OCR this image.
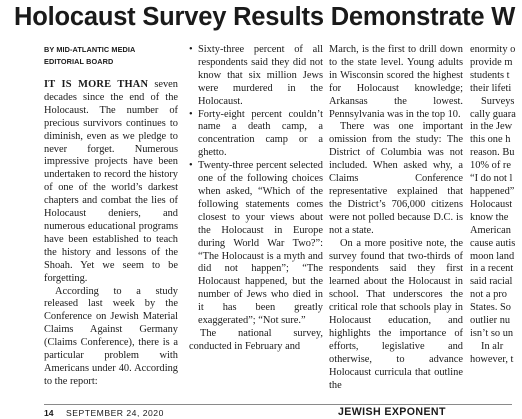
Holocaust Survey Results Demonstrate W
BY MID-ATLANTIC MEDIA
EDITORIAL BOARD

IT IS MORE THAN seven decades since the end of the Holocaust. The number of precious survivors continues to diminish, even as we pledge to never forget. Numerous impressive projects have been undertaken to record the history of one of the world’s darkest chapters and combat the lies of Holocaust deniers, and numerous educational programs have been established to teach the history and lessons of the Shoah. Yet we seem to be forgetting.

According to a study released last week by the Conference on Jewish Material Claims Against Germany (Claims Conference), there is a particular problem with Americans under 40. According to the report:

• Sixty-three percent of all respondents said they did not know that six million Jews were murdered in the Holocaust.
• Forty-eight percent couldn’t name a death camp, a concentration camp or a ghetto.
• Twenty-three percent selected one of the following choices when asked, “Which of the following statements comes closest to your views about the Holocaust in Europe during World War Two?”: “The Holocaust is a myth and did not happen”; “The Holocaust happened, but the number of Jews who died in it has been greatly exaggerated”; “Not sure.”

The national survey, conducted in February and

March, is the first to drill down to the state level. Young adults in Wisconsin scored the highest for Holocaust knowledge; Arkansas the lowest. Pennsylvania was in the top 10.

There was one important omission from the study: The District of Columbia was not included. When asked why, a Claims Conference representative explained that the District’s 706,000 citizens were not polled because D.C. is not a state.

On a more positive note, the survey found that two-thirds of respondents said they first learned about the Holocaust in school. That underscores the critical role that schools play in Holocaust education, and highlights the importance of efforts, legislative and otherwise, to advance Holocaust curricula that outline the

enormity o
provide m
students t
their lifeti
Surveys
cally guara
in the Jew
this one h
reason. Bu
10% of re
“I do not l
happened”
Holocaust
know the
American
cause autis
moon land
in a recent
said racial
not a pro
States. So
outlier nu
isn’t so un
In alr
however, t
14 SEPTEMBER 24, 2020	JEWISH EXPONENT
